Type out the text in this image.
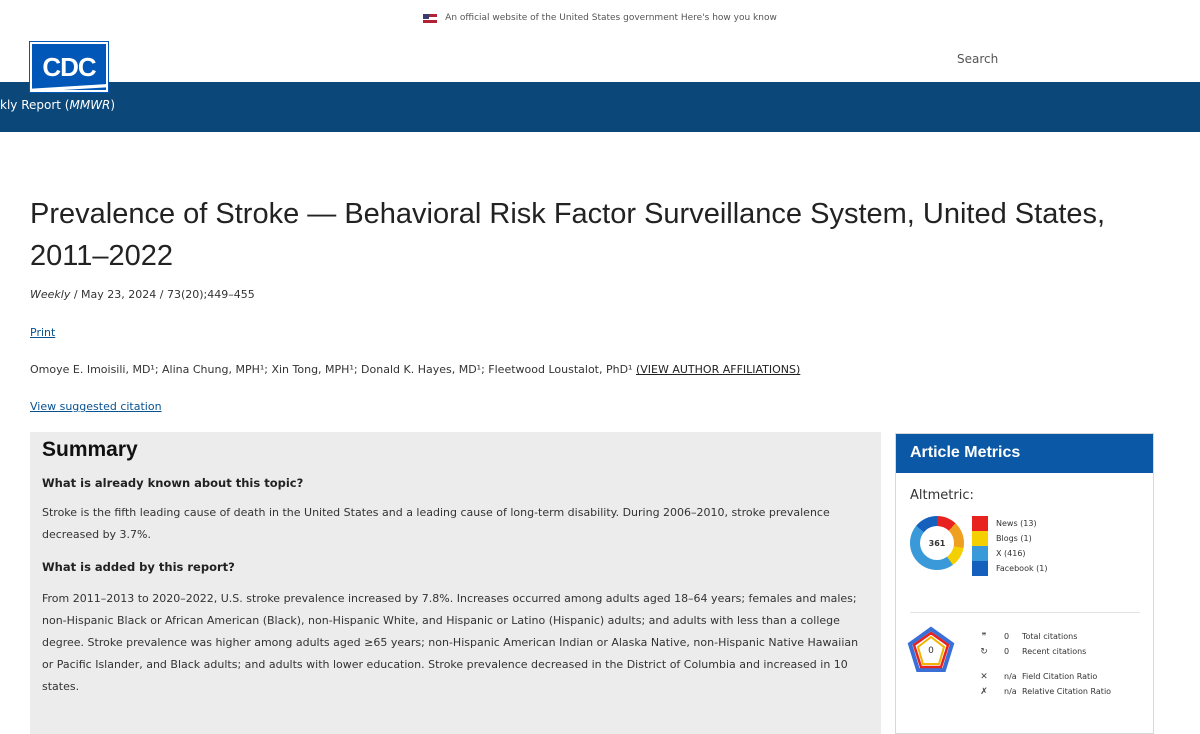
An official website of the United States government Here's how you know
CDC	Search
kly Report (MMWR)
Prevalence of Stroke — Behavioral Risk Factor Surveillance System, United States, 2011–2022
Weekly / May 23, 2024 / 73(20);449–455
Print
Omoye E. Imoisili, MD¹; Alina Chung, MPH¹; Xin Tong, MPH¹; Donald K. Hayes, MD¹; Fleetwood Loustalot, PhD¹ (VIEW AUTHOR AFFILIATIONS)
View suggested citation
Summary
What is already known about this topic?

Stroke is the fifth leading cause of death in the United States and a leading cause of long-term disability. During 2006–2010, stroke prevalence decreased by 3.7%.

What is added by this report?

From 2011–2013 to 2020–2022, U.S. stroke prevalence increased by 7.8%. Increases occurred among adults aged 18–64 years; females and males; non-Hispanic Black or African American (Black), non-Hispanic White, and Hispanic or Latino (Hispanic) adults; and adults with less than a college degree. Stroke prevalence was higher among adults aged ≥65 years; non-Hispanic American Indian or Alaska Native, non-Hispanic Native Hawaiian or Pacific Islander, and Black adults; and adults with lower education. Stroke prevalence decreased in the District of Columbia and increased in 10 states.

Article Metrics
Altmetric:
361
News (13)
Blogs (1)
X (416)
Facebook (1)
0
❞	0	Total citations
↻	0	Recent citations
✕	n/a Field Citation Ratio
✗	n/a Relative Citation Ratio
